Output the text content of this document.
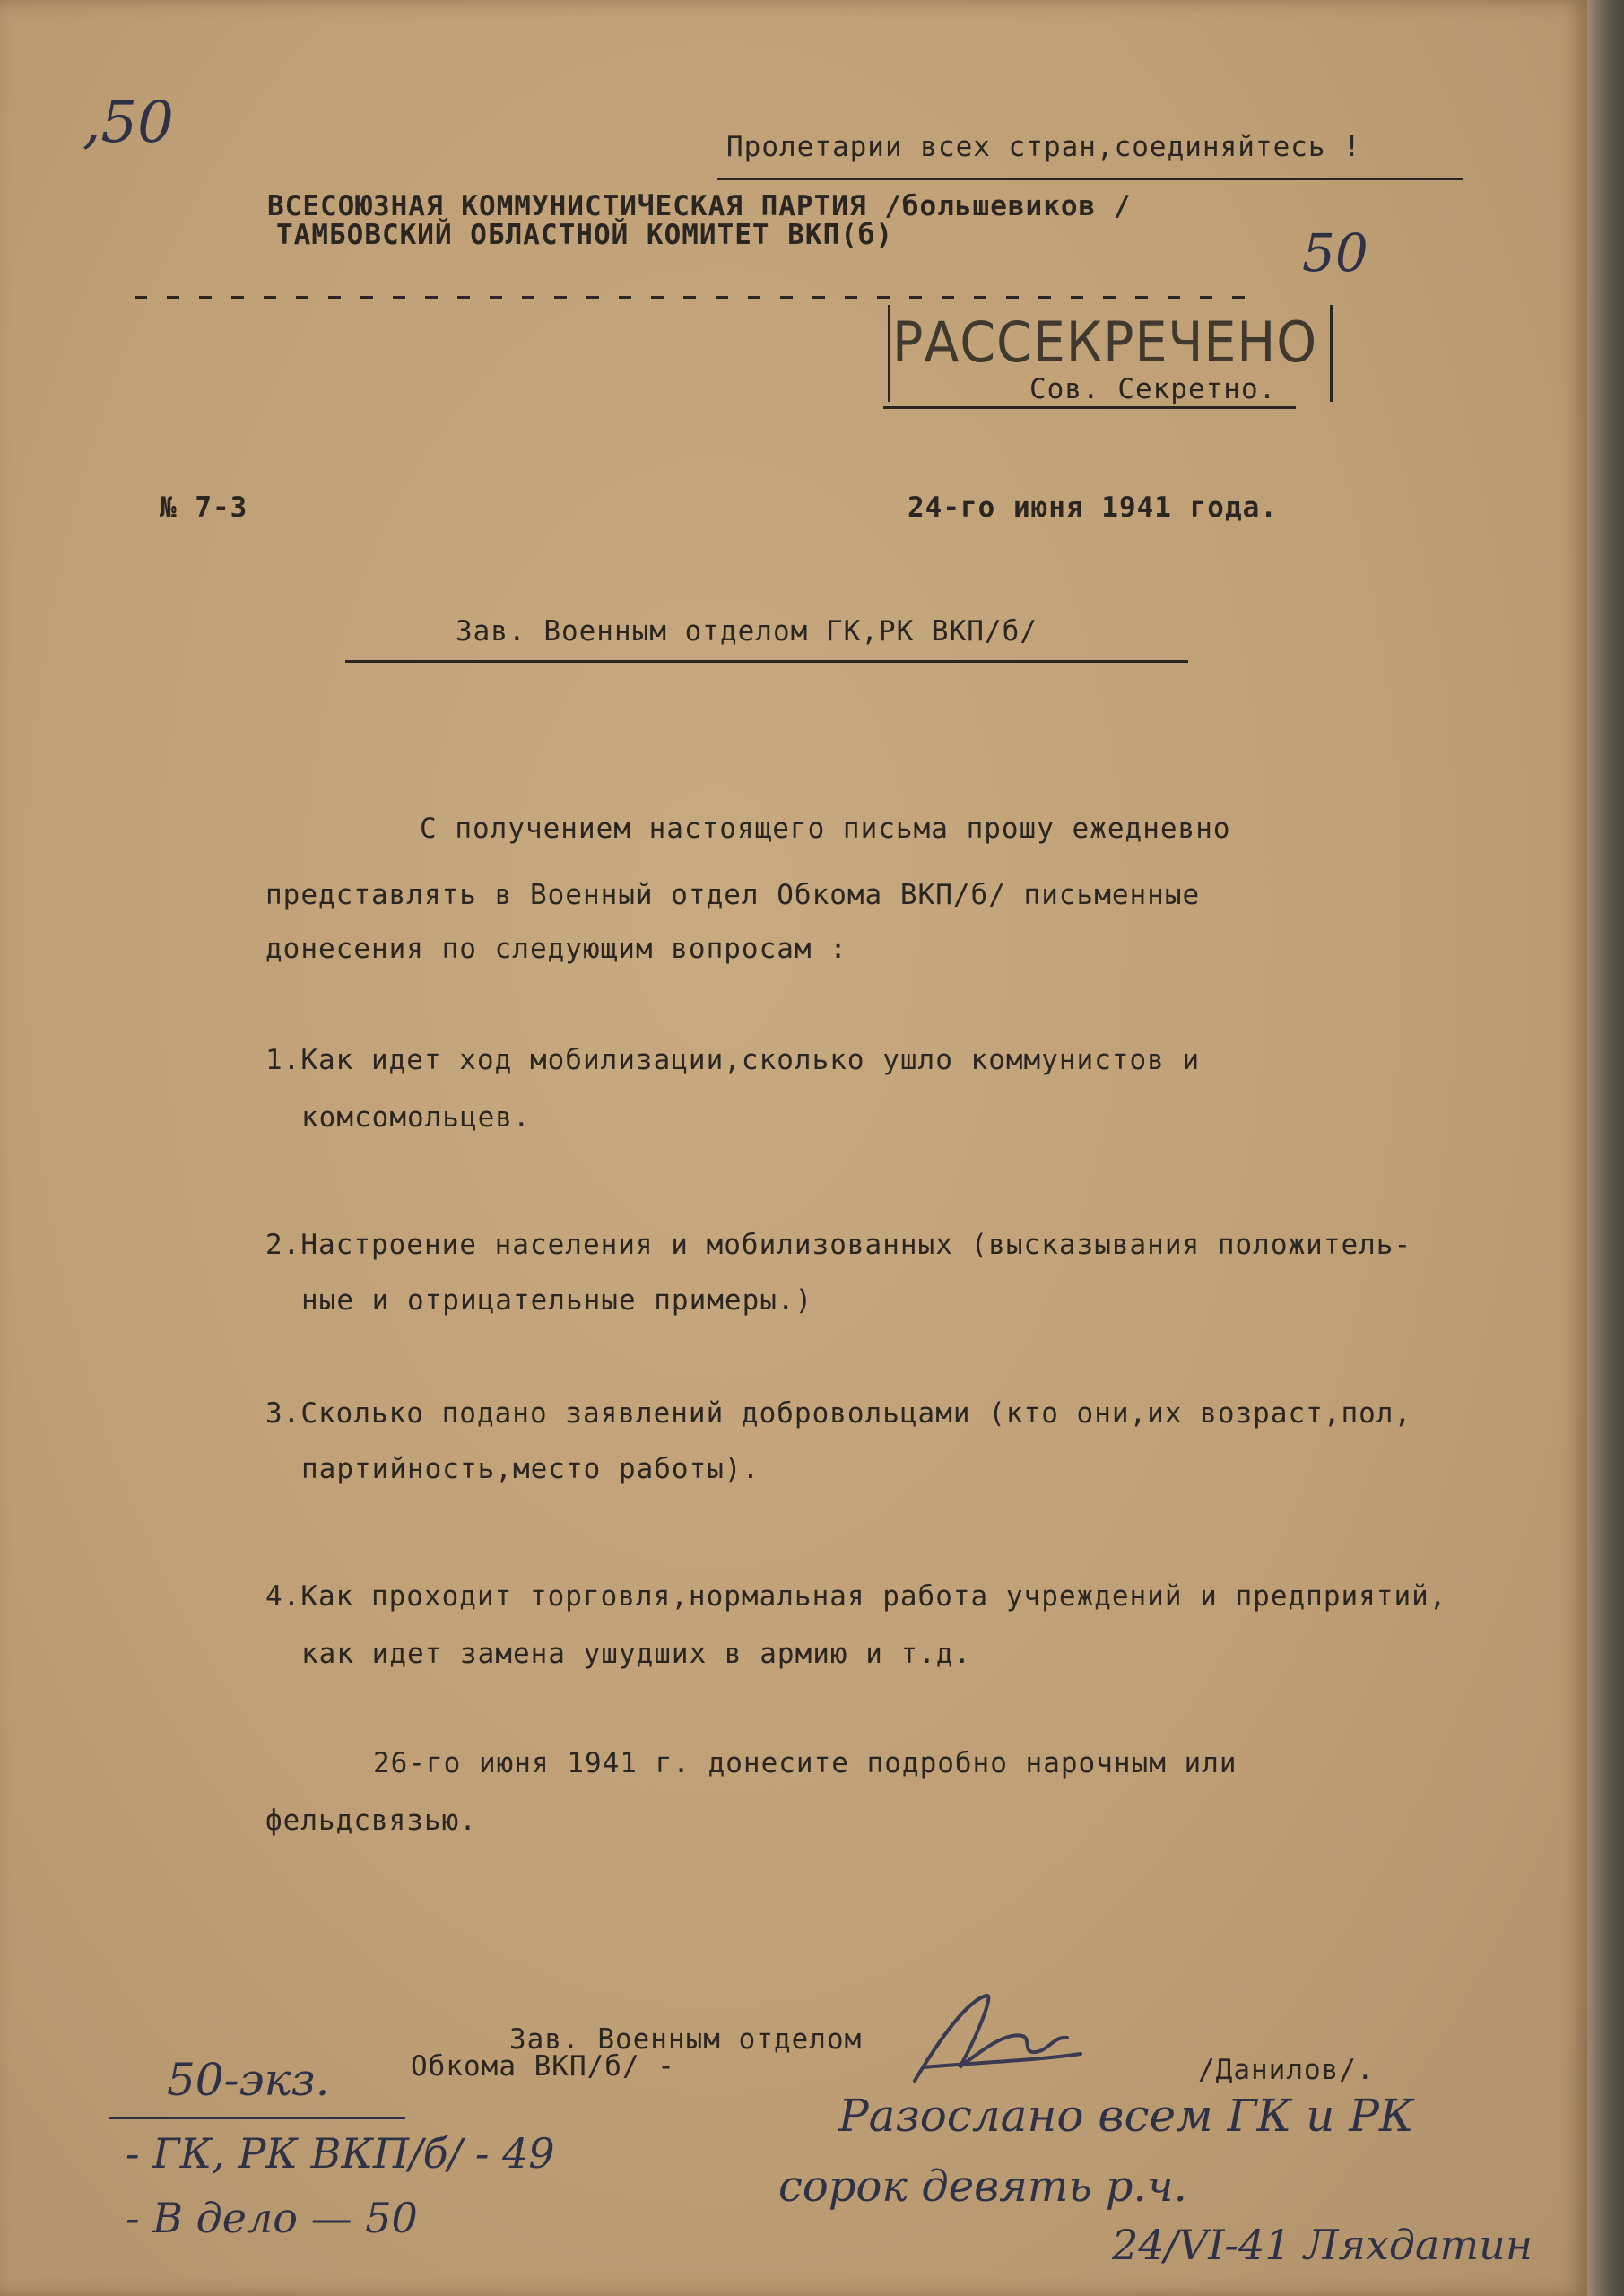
,50
50
Пролетарии всех стран,соединяйтесь !
ВСЕСОЮЗНАЯ КОММУНИСТИЧЕСКАЯ ПАРТИЯ /большевиков /
ТАМБОВСКИЙ ОБЛАСТНОЙ КОМИТЕТ ВКП(б)
РАССЕКРЕЧЕНО
Сов. Секретно.
№ 7-3	24-го июня 1941 года.
Зав. Военным отделом ГК,РК ВКП/б/
С получением настоящего письма прошу ежедневно
представлять в Военный отдел Обкома ВКП/б/ письменные
донесения по следующим вопросам :
1.Как идет ход мобилизации,сколько ушло коммунистов и
комсомольцев.
2.Настроение населения и мобилизованных (высказывания положитель-
ные и отрицательные примеры.)
3.Сколько подано заявлений добровольцами (кто они,их возраст,пол,
партийность,место работы).
4.Как проходит торговля,нормальная работа учреждений и предприятий,
как идет замена ушудших в армию и т.д.
26-го июня 1941 г. донесите подробно нарочным или
фельдсвязью.
Зав. Военным отделом
Обкома ВКП/б/ -	/Данилов/.
50-экз.
- ГК, РК ВКП/б/ - 49
- В дело — 50
Разослано всем ГК и РК
сорок девять р.ч.
24/VI-41 Ляхдатин
